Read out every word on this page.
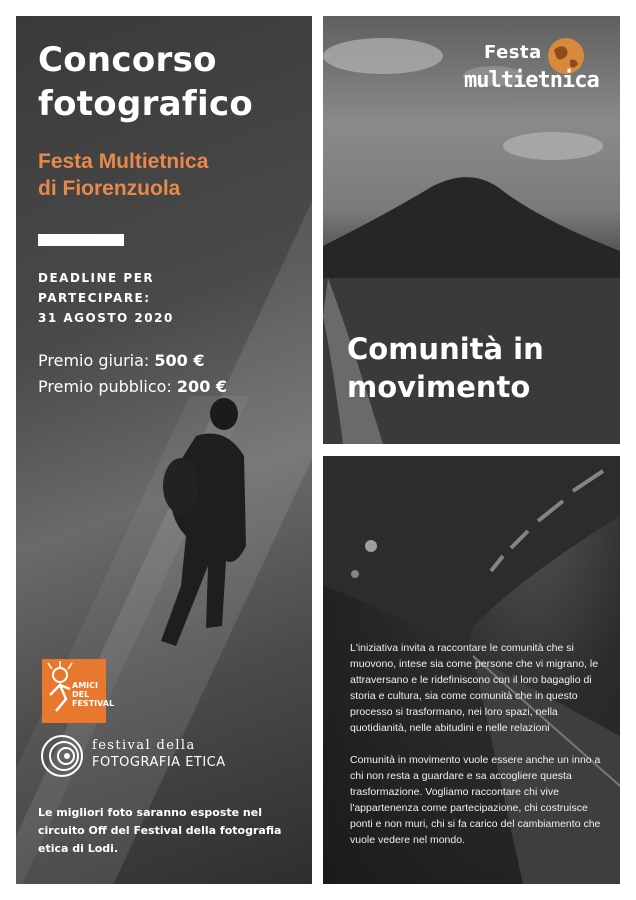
Concorso
fotografico
Festa Multietnica
di Fiorenzuola
DEADLINE PER
PARTECIPARE:
31 AGOSTO 2020
Premio giuria: 500 €
Premio pubblico: 200 €
AMICI DEL FESTIVAL
festival della
FOTOGRAFIA ETICA

Le migliori foto saranno esposte nel circuito Off del Festival della fotografia etica di Lodi.

Festa
multietnica
Comunità in
movimento

L'iniziativa invita a raccontare le comunità che si muovono, intese sia come persone che vi migrano, le attraversano e le ridefiniscono con il loro bagaglio di storia e cultura, sia come comunità che in questo processo si trasformano, nei loro spazi, nella quotidianità, nelle abitudini e nelle relazioni

Comunità in movimento vuole essere anche un inno a chi non resta a guardare e sa accogliere questa trasformazione. Vogliamo raccontare chi vive l'appartenenza come partecipazione, chi costruisce ponti e non muri, chi si fa carico del cambiamento che vuole vedere nel mondo.
